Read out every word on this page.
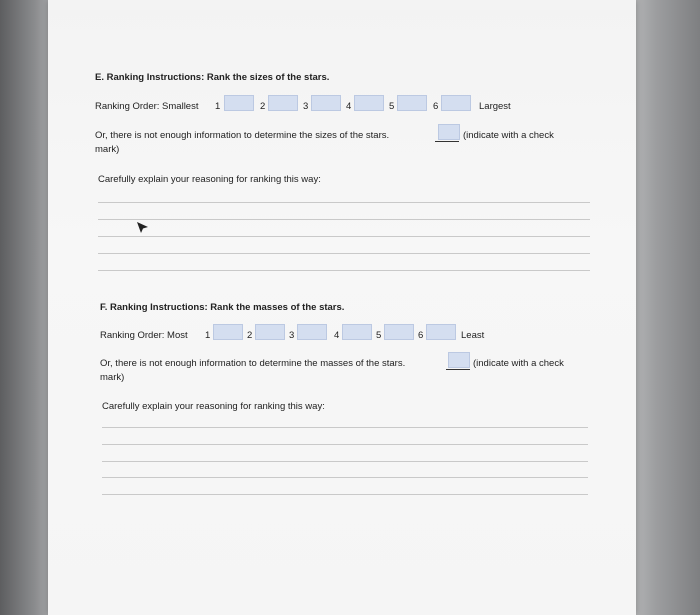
E. Ranking Instructions: Rank the sizes of the stars.
Ranking Order: Smallest 1	2	3	4	5	6	Largest
Or, there is not enough information to determine the sizes of the stars.	(indicate with a check
mark)
Carefully explain your reasoning for ranking this way:
F. Ranking Instructions: Rank the masses of the stars.
Ranking Order: Most 1	2	3	4	5	6	Least
Or, there is not enough information to determine the masses of the stars.	(indicate with a check
mark)
Carefully explain your reasoning for ranking this way:
